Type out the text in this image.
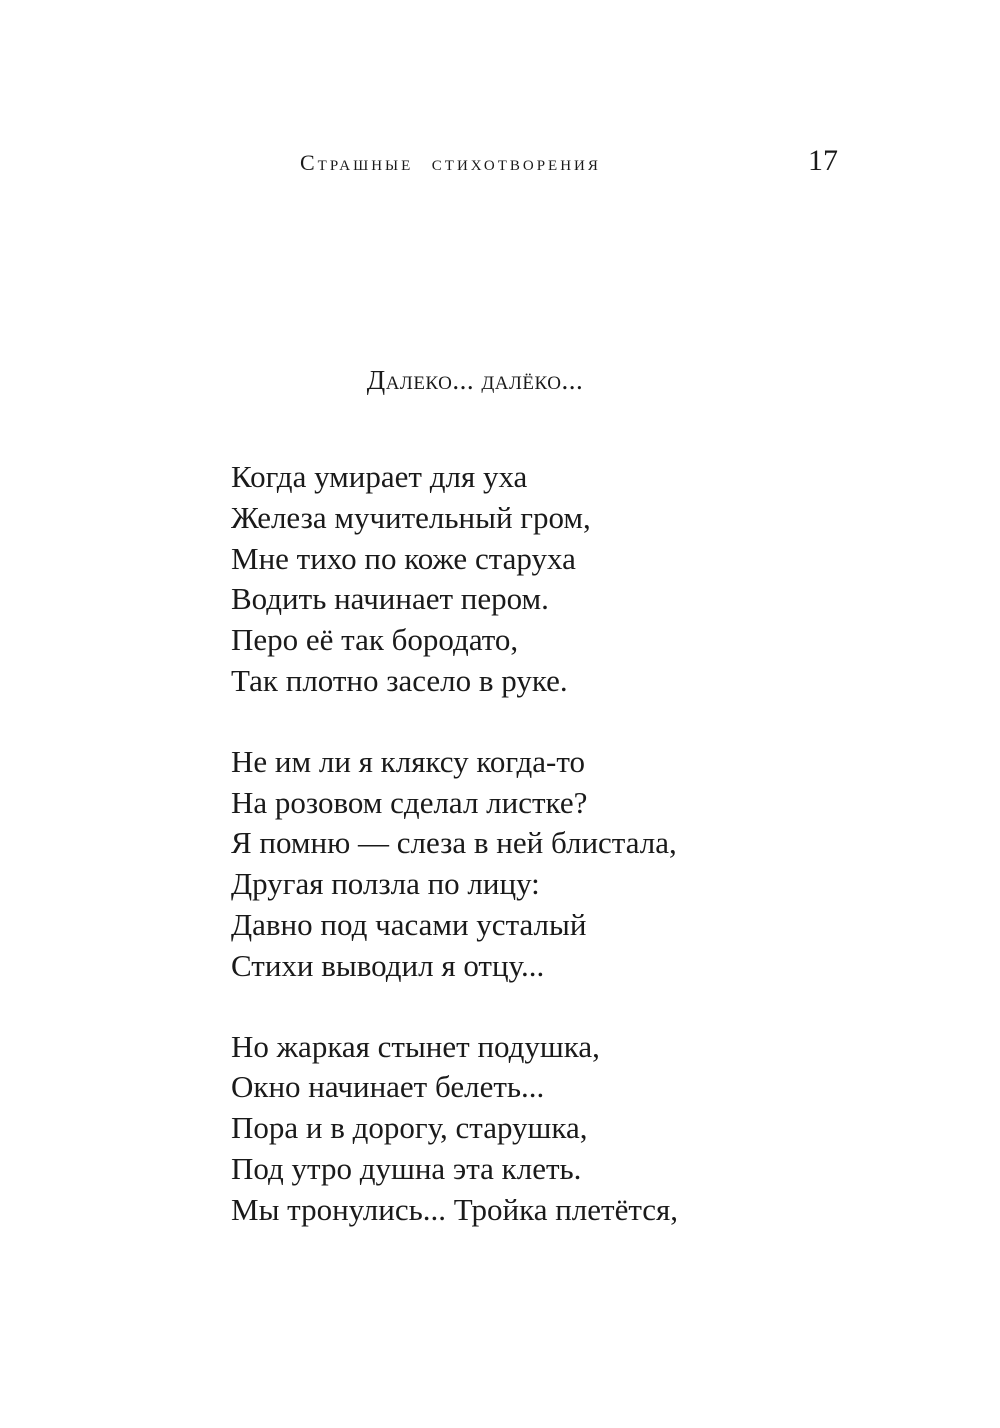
Страшные стихотворения	17
Далеко... далёко...
Когда умирает для уха
Железа мучительный гром,
Мне тихо по коже старуха
Водить начинает пером.
Перо её так бородато,
Так плотно засело в руке.
Не им ли я кляксу когда-то
На розовом сделал листке?
Я помню — слеза в ней блистала,
Другая ползла по лицу:
Давно под часами усталый
Стихи выводил я отцу...
Но жаркая стынет подушка,
Окно начинает белеть...
Пора и в дорогу, старушка,
Под утро душна эта клеть.
Мы тронулись... Тройка плетётся,
